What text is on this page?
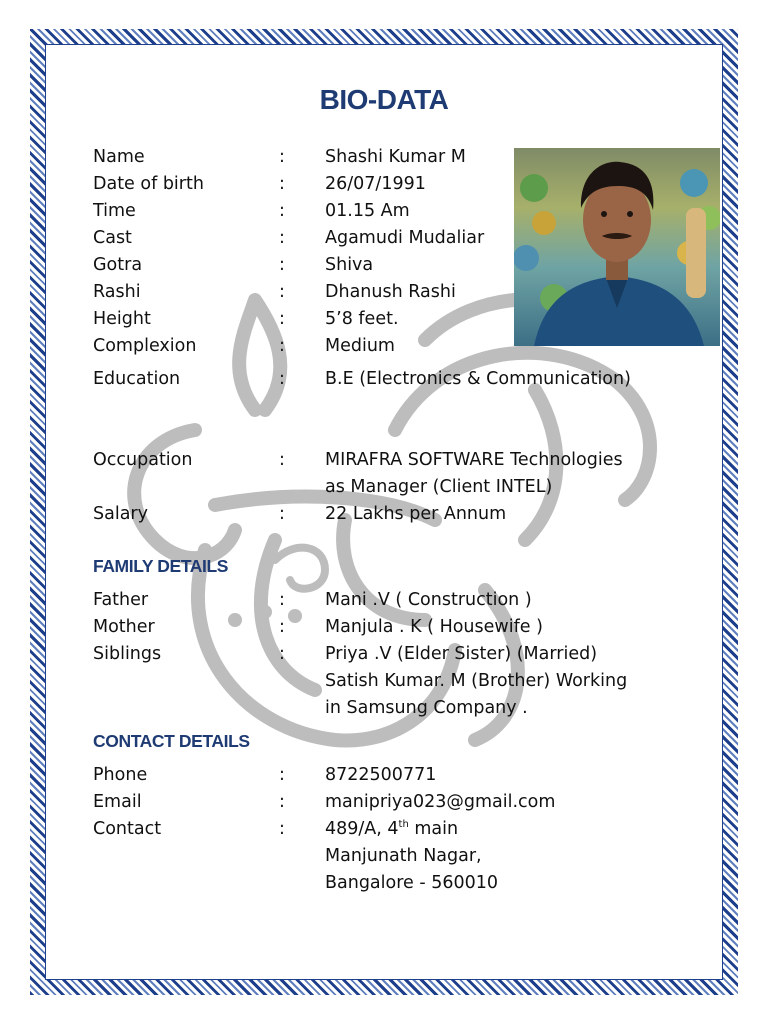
BIO-DATA
Name	: Shashi Kumar M
Date of birth	: 26/07/1991
Time	: 01.15 Am
Cast	: Agamudi Mudaliar
Gotra	: Shiva
Rashi	: Dhanush Rashi
Height	: 5’8 feet.
Complexion	: Medium
Education	: B.E (Electronics & Communication)
Occupation	: MIRAFRA SOFTWARE Technologies
as Manager (Client INTEL)
Salary	: 22 Lakhs per Annum
FAMILY DETAILS
Father	: Mani .V ( Construction )
Mother	: Manjula . K ( Housewife )
Siblings	: Priya .V (Elder Sister) (Married)
Satish Kumar. M (Brother) Working
in Samsung Company .
CONTACT DETAILS
Phone	: 8722500771
Email	: manipriya023@gmail.com
Contact	: 489/A, 4th main
Manjunath Nagar,
Bangalore - 560010
